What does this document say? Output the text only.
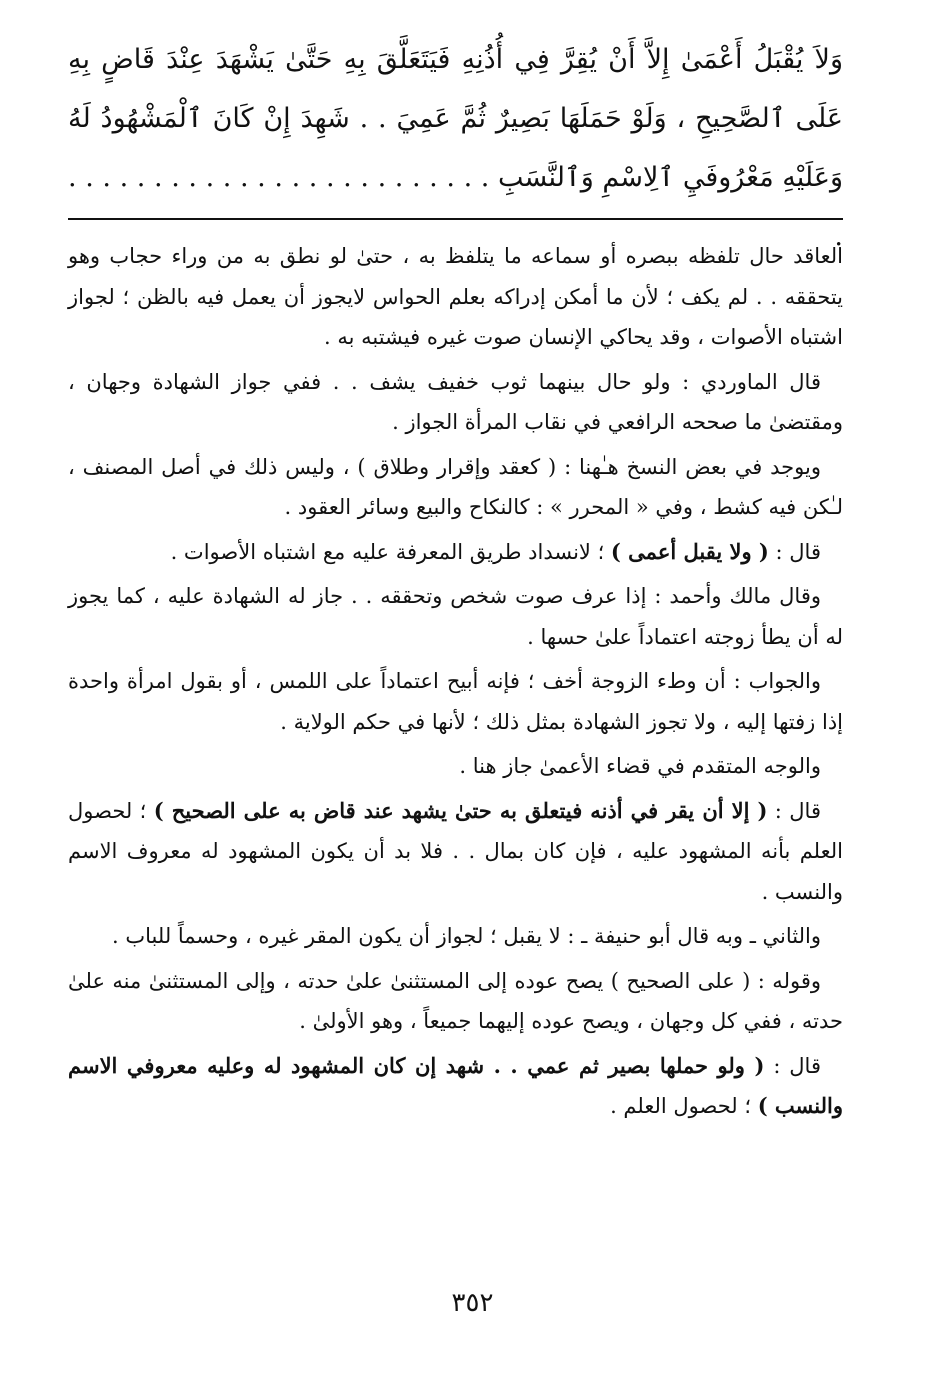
وَلاَ يُقْبَلُ أَعْمَىٰ إِلاَّ أَنْ يُقِرَّ فِي أُذُنِهِ فَيَتَعَلَّقَ بِهِ حَتَّىٰ يَشْهَدَ عِنْدَ قَاضٍ بِهِ عَلَى ٱلصَّحِيحِ ، وَلَوْ حَمَلَهَا بَصِيرٌ ثُمَّ عَمِيَ . . شَهِدَ إِنْ كَانَ ٱلْمَشْهُودُ لَهُ وَعَلَيْهِ مَعْرُوفَيِ ٱلِاسْمِ وَٱلنَّسَبِ . . . . . . . . . . . . . . . . . . . . . . . . . .

العاقد حال تلفظه ببصره أو سماعه ما يتلفظ به ، حتىٰ لو نطق به من وراء حجاب وهو يتحققه . . لم يكف ؛ لأن ما أمكن إدراكه بعلم الحواس لايجوز أن يعمل فيه بالظن ؛ لجواز اشتباه الأصوات ، وقد يحاكي الإنسان صوت غيره فيشتبه به .

قال الماوردي : ولو حال بينهما ثوب خفيف يشف . . ففي جواز الشهادة وجهان ، ومقتضىٰ ما صححه الرافعي في نقاب المرأة الجواز .

ويوجد في بعض النسخ هـٰهنا : ( كعقد وإقرار وطلاق ) ، وليس ذلك في أصل المصنف ، لـٰكن فيه كشط ، وفي « المحرر » : كالنكاح والبيع وسائر العقود .

قال : ( ولا يقبل أعمى ) ؛ لانسداد طريق المعرفة عليه مع اشتباه الأصوات .

وقال مالك وأحمد : إذا عرف صوت شخص وتحققه . . جاز له الشهادة عليه ، كما يجوز له أن يطأ زوجته اعتماداً علىٰ حسها .

والجواب : أن وطء الزوجة أخف ؛ فإنه أبيح اعتماداً على اللمس ، أو بقول امرأة واحدة إذا زفتها إليه ، ولا تجوز الشهادة بمثل ذلك ؛ لأنها في حكم الولاية .

والوجه المتقدم في قضاء الأعمىٰ جاز هنا .

قال : ( إلا أن يقر في أذنه فيتعلق به حتىٰ يشهد عند قاض به على الصحيح ) ؛ لحصول العلم بأنه المشهود عليه ، فإن كان بمال . . فلا بد أن يكون المشهود له معروف الاسم والنسب .

والثاني ـ وبه قال أبو حنيفة ـ : لا يقبل ؛ لجواز أن يكون المقر غيره ، وحسماً للباب .

وقوله : ( على الصحيح ) يصح عوده إلى المستثنىٰ علىٰ حدته ، وإلى المستثنىٰ منه علىٰ حدته ، ففي كل وجهان ، ويصح عوده إليهما جميعاً ، وهو الأولىٰ .

قال : ( ولو حملها بصير ثم عمي . . شهد إن كان المشهود له وعليه معروفي الاسم والنسب ) ؛ لحصول العلم .

٣٥٢
